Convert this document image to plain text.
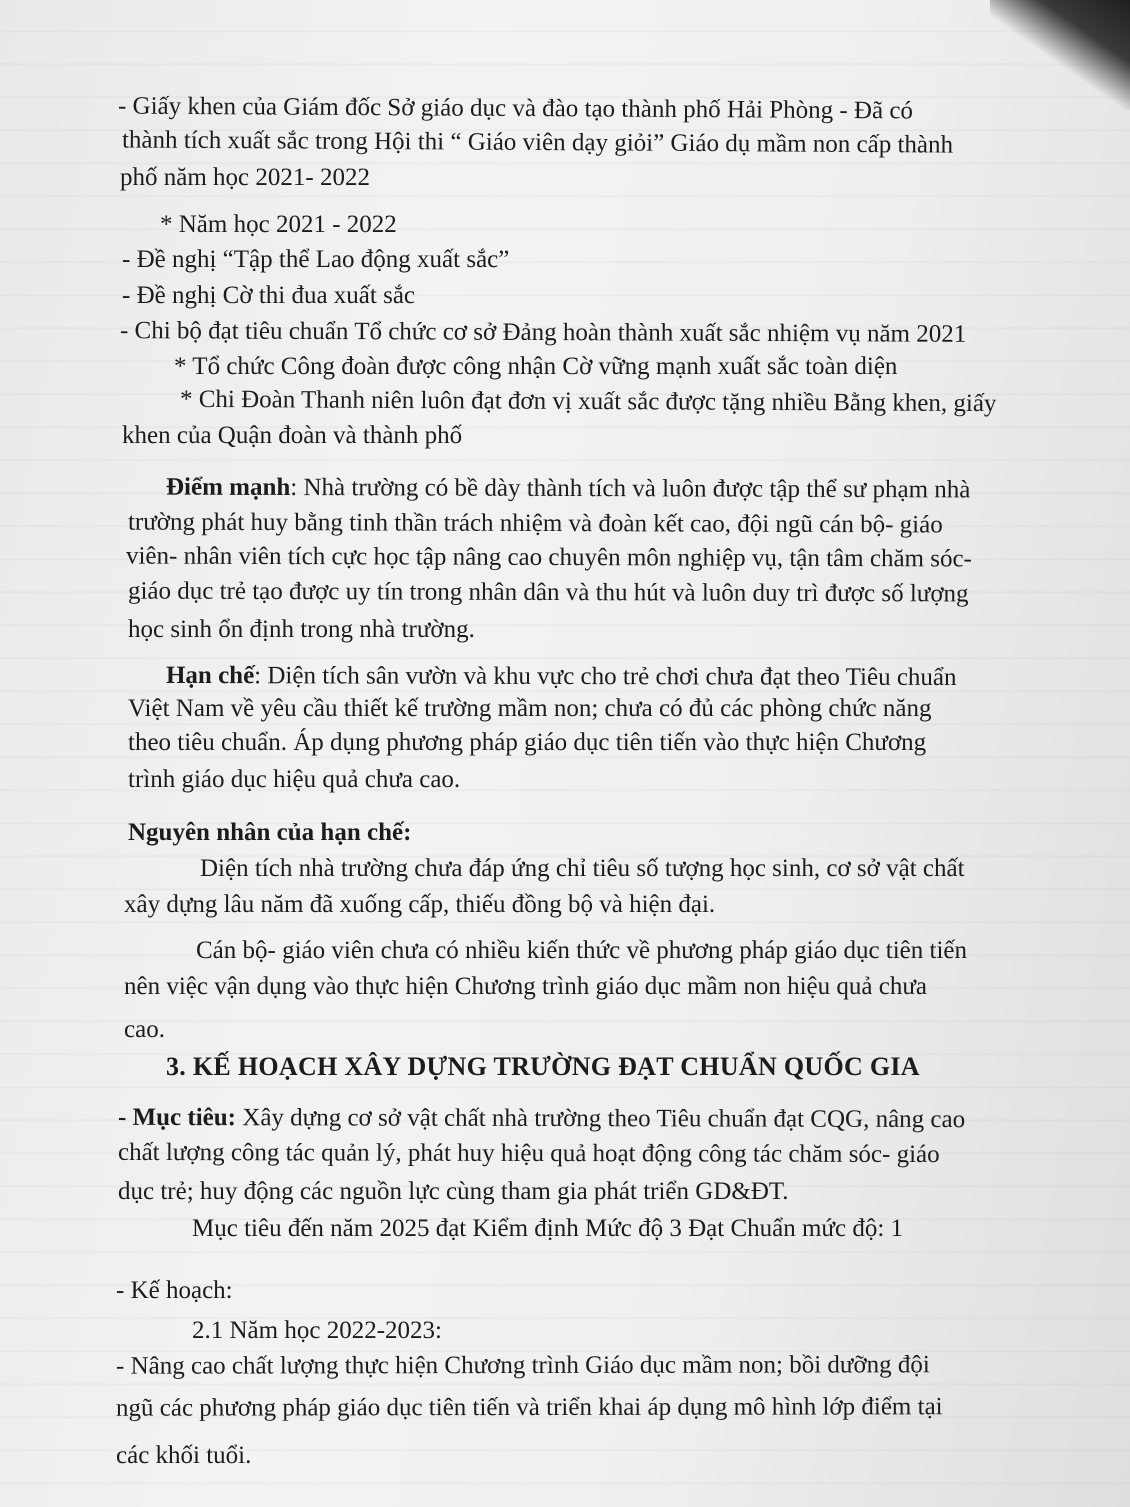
- Giấy khen của Giám đốc Sở giáo dục và đào tạo thành phố Hải Phòng - Đã có
thành tích xuất sắc trong Hội thi “ Giáo viên dạy giỏi” Giáo dụ mầm non cấp thành
phố năm học 2021- 2022
* Năm học 2021 - 2022
- Đề nghị “Tập thể Lao động xuất sắc”
- Đề nghị Cờ thi đua xuất sắc
- Chi bộ đạt tiêu chuẩn Tổ chức cơ sở Đảng hoàn thành xuất sắc nhiệm vụ năm 2021
* Tổ chức Công đoàn được công nhận Cờ vững mạnh xuất sắc toàn diện
* Chi Đoàn Thanh niên luôn đạt đơn vị xuất sắc được tặng nhiều Bằng khen, giấy
khen của Quận đoàn và thành phố
Điểm mạnh: Nhà trường có bề dày thành tích và luôn được tập thể sư phạm nhà
trường phát huy bằng tinh thần trách nhiệm và đoàn kết cao, đội ngũ cán bộ- giáo
viên- nhân viên tích cực học tập nâng cao chuyên môn nghiệp vụ, tận tâm chăm sóc-
giáo dục trẻ tạo được uy tín trong nhân dân và thu hút và luôn duy trì được số lượng
học sinh ổn định trong nhà trường.
Hạn chế: Diện tích sân vườn và khu vực cho trẻ chơi chưa đạt theo Tiêu chuẩn
Việt Nam về yêu cầu thiết kế trường mầm non; chưa có đủ các phòng chức năng
theo tiêu chuẩn. Áp dụng phương pháp giáo dục tiên tiến vào thực hiện Chương
trình giáo dục hiệu quả chưa cao.
Nguyên nhân của hạn chế:
Diện tích nhà trường chưa đáp ứng chỉ tiêu số tượng học sinh, cơ sở vật chất
xây dựng lâu năm đã xuống cấp, thiếu đồng bộ và hiện đại.
Cán bộ- giáo viên chưa có nhiều kiến thức về phương pháp giáo dục tiên tiến
nên việc vận dụng vào thực hiện Chương trình giáo dục mầm non hiệu quả chưa
cao.
3. KẾ HOẠCH XÂY DỰNG TRƯỜNG ĐẠT CHUẨN QUỐC GIA
- Mục tiêu: Xây dựng cơ sở vật chất nhà trường theo Tiêu chuẩn đạt CQG, nâng cao
chất lượng công tác quản lý, phát huy hiệu quả hoạt động công tác chăm sóc- giáo
dục trẻ; huy động các nguồn lực cùng tham gia phát triển GD&ĐT.
Mục tiêu đến năm 2025 đạt Kiểm định Mức độ 3 Đạt Chuẩn mức độ: 1
- Kế hoạch:
2.1 Năm học 2022-2023:
- Nâng cao chất lượng thực hiện Chương trình Giáo dục mầm non; bồi dưỡng đội
ngũ các phương pháp giáo dục tiên tiến và triển khai áp dụng mô hình lớp điểm tại
các khối tuổi.
